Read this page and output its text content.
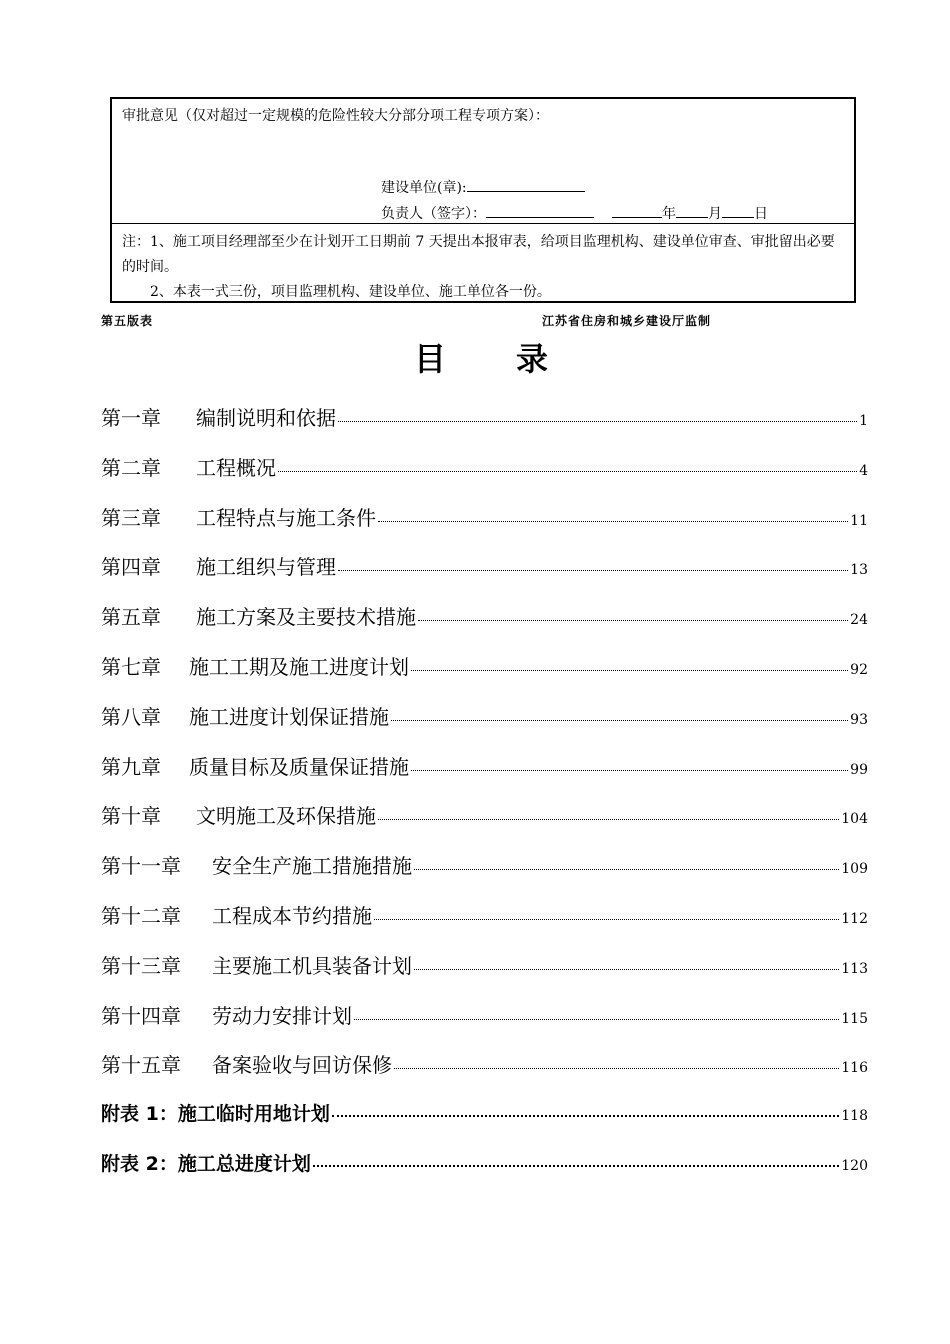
审批意见（仅对超过一定规模的危险性较大分部分项工程专项方案）：
建设单位(章):
负责人（签字）：	年 月 日

注：1、施工项目经理部至少在计划开工日期前 7 天提出本报审表，给项目监理机构、建设单位审查、审批留出必要的时间。

2、本表一式三份，项目监理机构、建设单位、施工单位各一份。

第五版表	江苏省住房和城乡建设厅监制
目录
第一章 编制说明和依据	1
第二章 工程概况	4
第三章 工程特点与施工条件	11
第四章 施工组织与管理	13
第五章 施工方案及主要技术措施	24
第七章 施工工期及施工进度计划	92
第八章 施工进度计划保证措施	93
第九章 质量目标及质量保证措施	99
第十章 文明施工及环保措施	104
第十一章 安全生产施工措施措施	109
第十二章 工程成本节约措施	112
第十三章 主要施工机具装备计划	113
第十四章 劳动力安排计划	115
第十五章 备案验收与回访保修	116
附表 1：施工临时用地计划	118
附表 2：施工总进度计划	120
